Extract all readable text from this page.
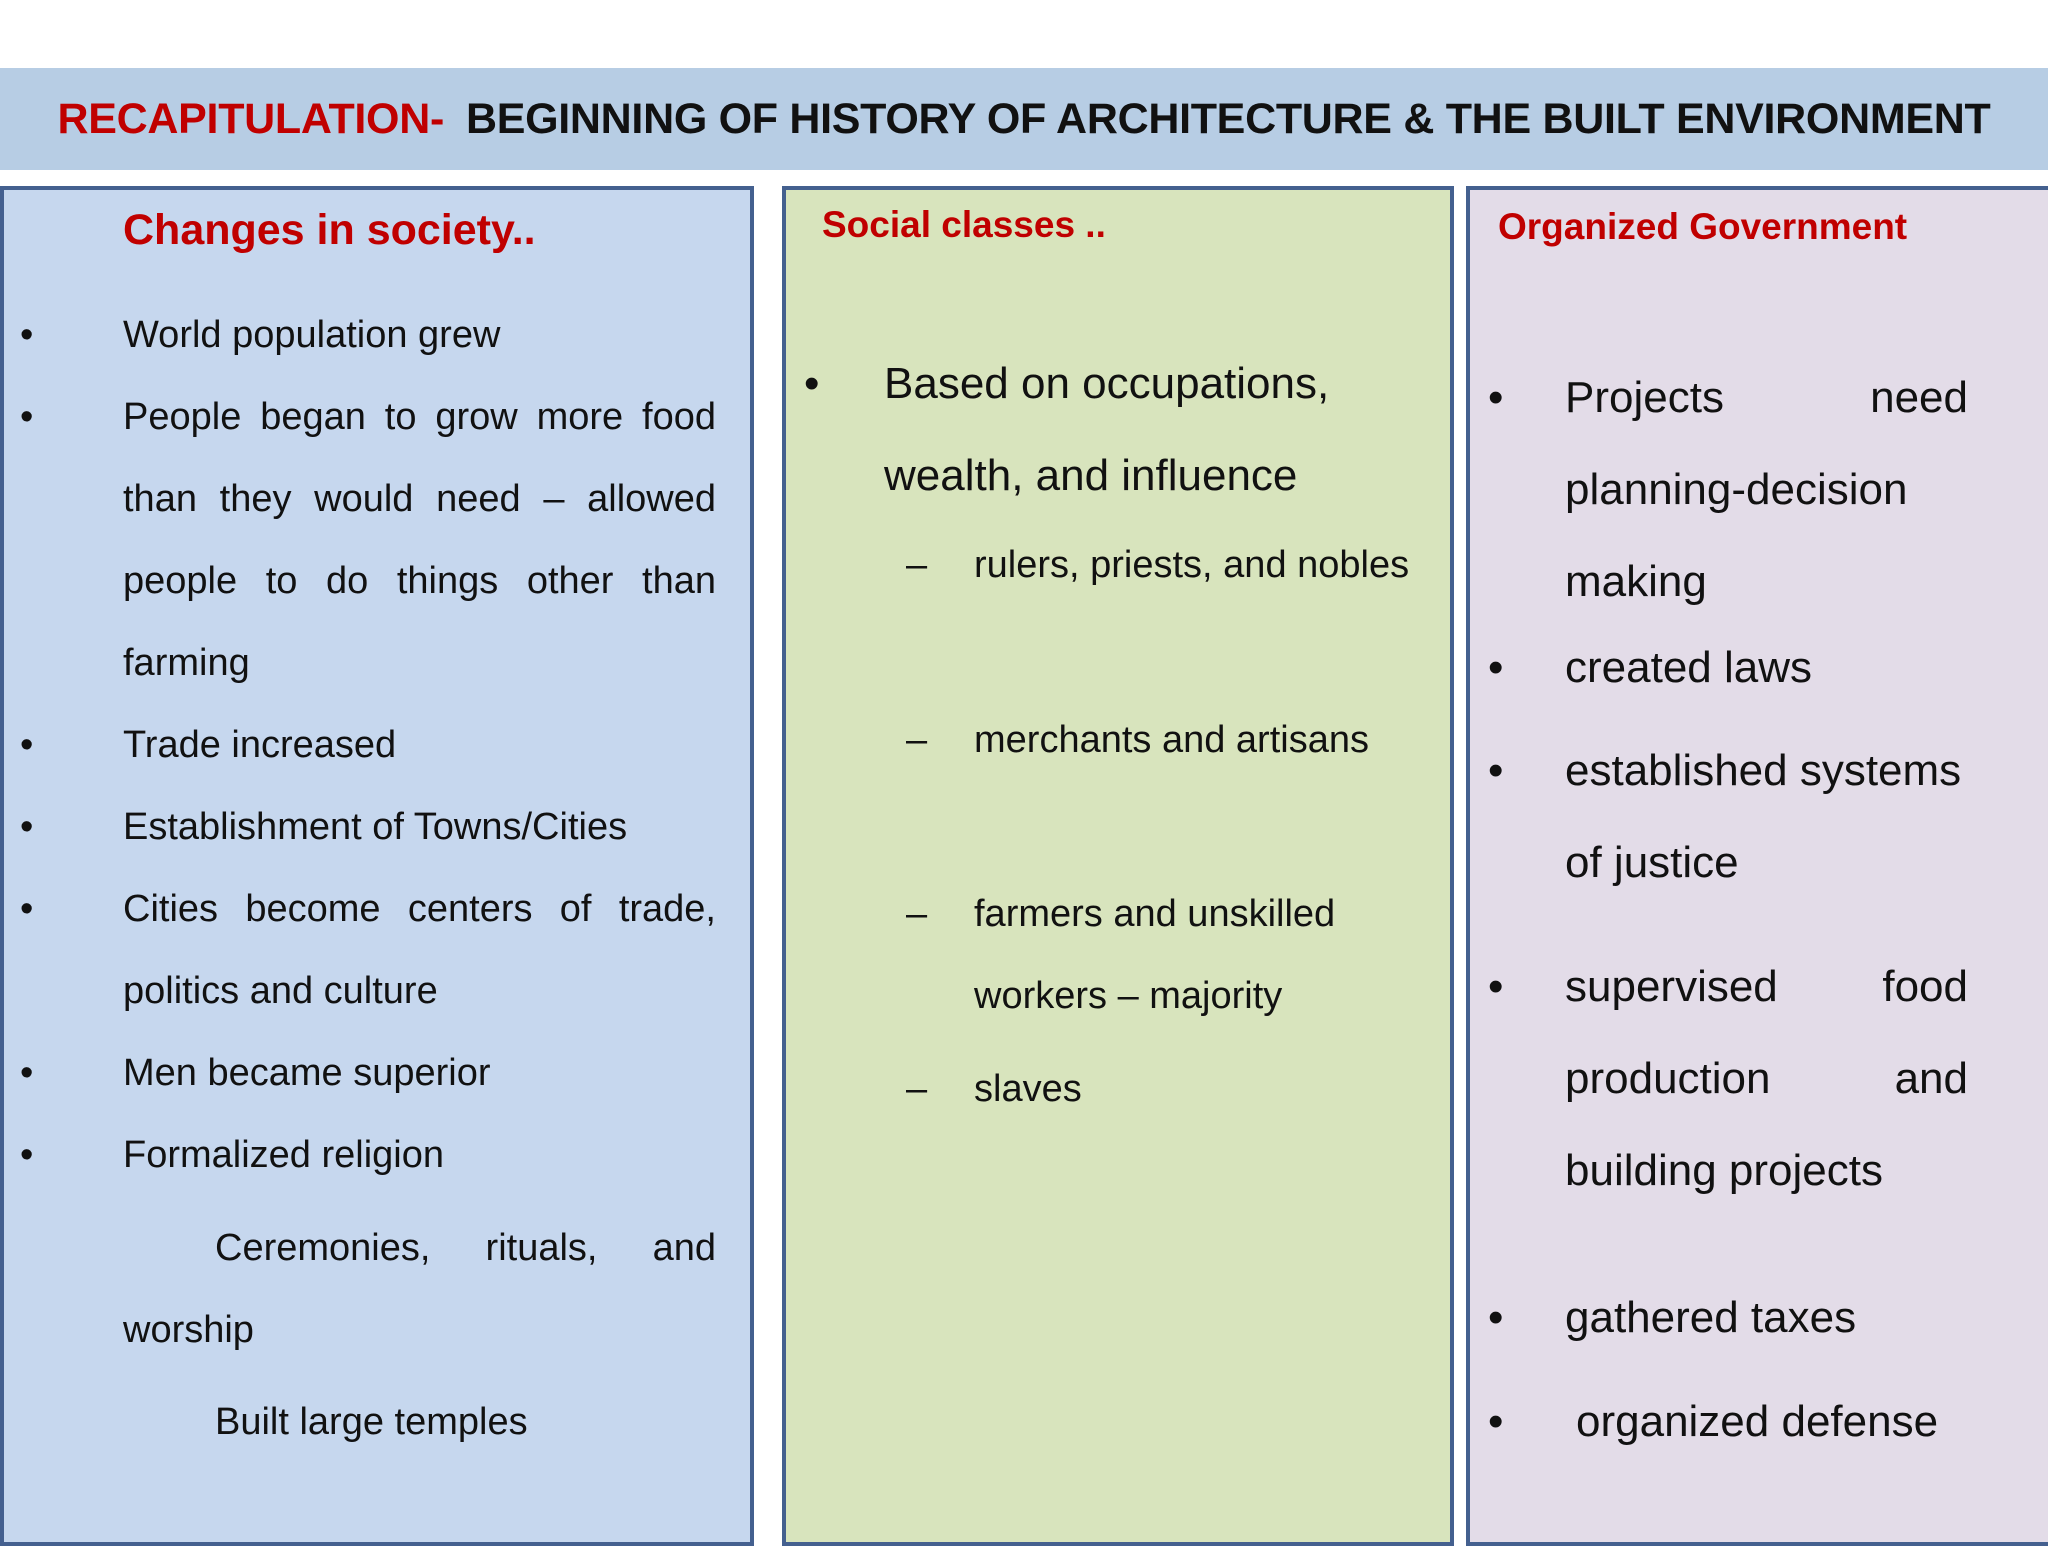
RECAPITULATION- BEGINNING OF HISTORY OF ARCHITECTURE & THE BUILT ENVIRONMENT
Changes in society..
• World population grew
• People began to grow more food than they would need – allowed people to do things other than farming
• Trade increased
• Establishment of Towns/Cities
• Cities become centers of trade, politics and culture
• Men became superior
• Formalized religion
Ceremonies, rituals, and worship
Built large temples
Social classes ..
• Based on occupations, wealth, and influence
– rulers, priests, and nobles
– merchants and artisans
– farmers and unskilled workers – majority
– slaves
Organized Government
• Projects need planning-decision making
• created laws
• established systems of justice
• supervised food production and building projects
• gathered taxes
• organized defense
